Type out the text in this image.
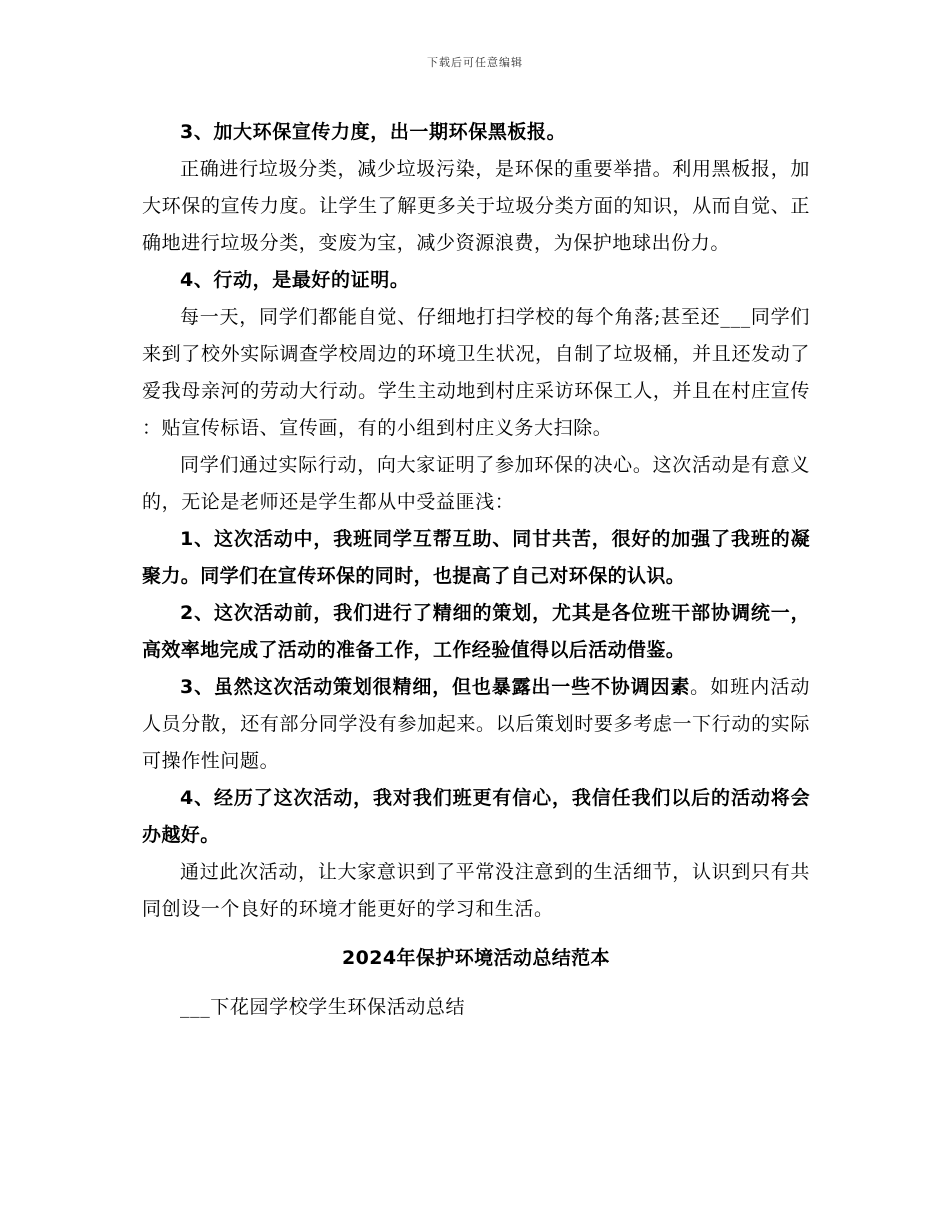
下载后可任意编辑

3、加大环保宣传力度，出一期环保黑板报。

正确进行垃圾分类，减少垃圾污染，是环保的重要举措。利用黑板报，加大环保的宣传力度。让学生了解更多关于垃圾分类方面的知识，从而自觉、正确地进行垃圾分类，变废为宝，减少资源浪费，为保护地球出份力。

4、行动，是最好的证明。

每一天，同学们都能自觉、仔细地打扫学校的每个角落;甚至还___同学们来到了校外实际调查学校周边的环境卫生状况，自制了垃圾桶，并且还发动了爱我母亲河的劳动大行动。学生主动地到村庄采访环保工人，并且在村庄宣传：贴宣传标语、宣传画，有的小组到村庄义务大扫除。

同学们通过实际行动，向大家证明了参加环保的决心。这次活动是有意义的，无论是老师还是学生都从中受益匪浅：

1、这次活动中，我班同学互帮互助、同甘共苦，很好的加强了我班的凝聚力。同学们在宣传环保的同时，也提高了自己对环保的认识。

2、这次活动前，我们进行了精细的策划，尤其是各位班干部协调统一，高效率地完成了活动的准备工作，工作经验值得以后活动借鉴。

3、虽然这次活动策划很精细，但也暴露出一些不协调因素。如班内活动人员分散，还有部分同学没有参加起来。以后策划时要多考虑一下行动的实际可操作性问题。

4、经历了这次活动，我对我们班更有信心，我信任我们以后的活动将会办越好。

通过此次活动，让大家意识到了平常没注意到的生活细节，认识到只有共同创设一个良好的环境才能更好的学习和生活。

2024年保护环境活动总结范本

___下花园学校学生环保活动总结
